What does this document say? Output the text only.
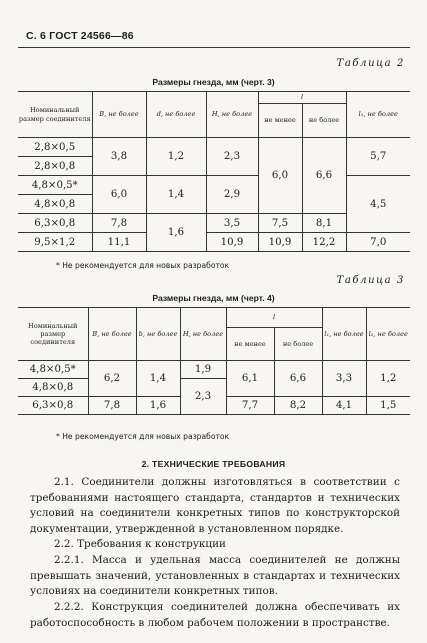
С. 6 ГОСТ 24566—86
Таблица 2
Размеры гнезда, мм (черт. 3)
Номинальный размер соединителя	B, не более	d, не более	H, не более	l		l₁, не более
				не менее	не более	
2,8×0,5	3,8	1,2	2,3	6,0	6,6	5,7
2,8×0,8						
4,8×0,5*	6,0	1,4	2,9			4,5
4,8×0,8						
6,3×0,8	7,8	1,6	3,5	7,5	8,1	
9,5×1,2	11,1		10,9	10,9	12,2	7,0
* Не рекомендуется для новых разработок
Таблица 3
Размеры гнезда, мм (черт. 4)
Номинальный размер соединителя	B, не более	b, не более	H, не более	l		l₁, не более	l₂, не более
				не менее	не более		
4,8×0,5*	6,2	1,4	1,9	6,1	6,6	3,3	1,2
4,8×0,8			2,3				
6,3×0,8	7,8	1,6		7,7	8,2	4,1	1,5
* Не рекомендуется для новых разработок
2. ТЕХНИЧЕСКИЕ ТРЕБОВАНИЯ
2.1. Соединители должны изготовляться в соответствии с требованиями настоящего стандарта, стандартов и технических условий на соединители конкретных типов по конструкторской документации, утвержденной в установленном порядке.
2.2. Требования к конструкции
2.2.1. Масса и удельная масса соединителей не должны превышать значений, установленных в стандартах и технических условиях на соединители конкретных типов.
2.2.2. Конструкция соединителей должна обеспечивать их работоспособность в любом рабочем положении в пространстве.
